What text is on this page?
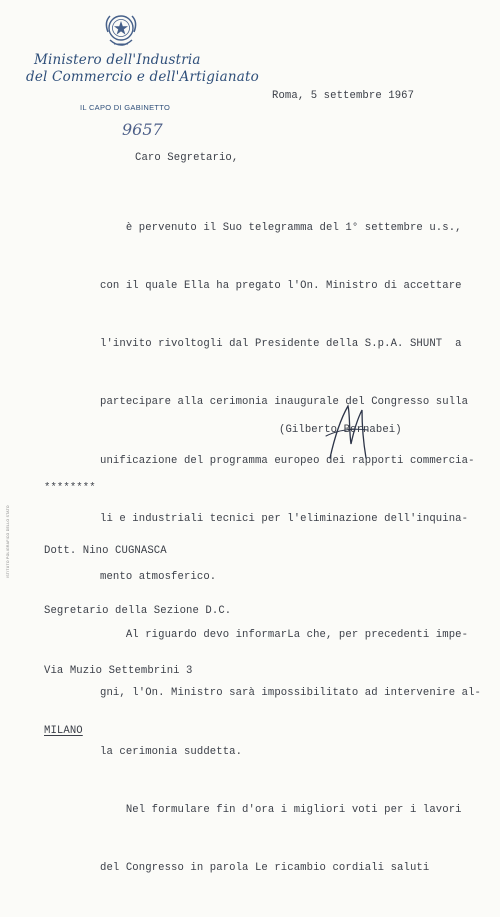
Ministero dell'Industria
del Commercio e dell'Artigianato
IL CAPO DI GABINETTO
Roma, 5 settembre 1967
9657
Caro Segretario,

è pervenuto il Suo telegramma del 1° settembre u.s.,

con il quale Ella ha pregato l'On. Ministro di accettare

l'invito rivoltogli dal Presidente della S.p.A. SHUNT  a

partecipare alla cerimonia inaugurale del Congresso sulla

unificazione del programma europeo dei rapporti commercia-

li e industriali tecnici per l'eliminazione dell'inquina-

mento atmosferico.

Al riguardo devo informarLa che, per precedenti impe-

gni, l'On. Ministro sarà impossibilitato ad intervenire al-

la cerimonia suddetta.

Nel formulare fin d'ora i migliori voti per i lavori

del Congresso in parola Le ricambio cordiali saluti

(Gilberto Bernabei)
********

Dott. Nino CUGNASCA

Segretario della Sezione D.C.

Via Muzio Settembrini 3

MILANO

ISTITUTO POLIGRAFICO DELLO STATO
